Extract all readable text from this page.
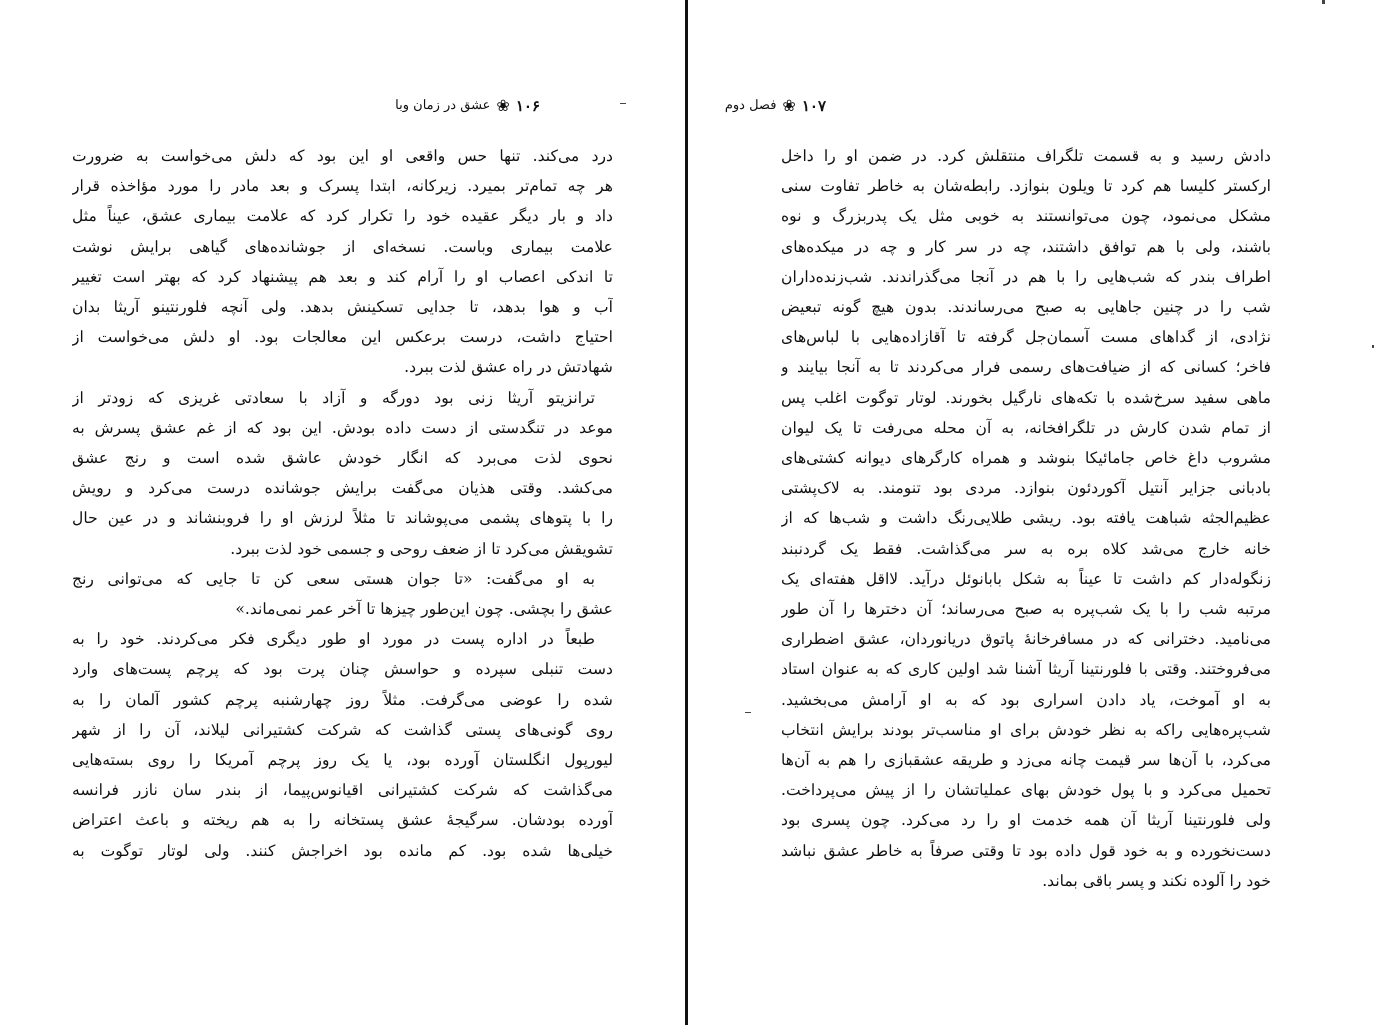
۱۰۶
❀
عشق در زمان وبا
درد می‌کند. تنها حس واقعی او این بود که دلش می‌خواست به ضرورت
هر چه تمام‌تر بمیرد. زیرکانه، ابتدا پسرک و بعد مادر را مورد مؤاخذه قرار
داد و بار دیگر عقیده خود را تکرار کرد که علامت بیماری عشق، عیناً مثل
علامت بیماری وباست. نسخه‌ای از جوشانده‌های گیاهی برایش نوشت
تا اندکی اعصاب او را آرام کند و بعد هم پیشنهاد کرد که بهتر است تغییر
آب و هوا بدهد، تا جدایی تسکینش بدهد. ولی آنچه فلورنتینو آریثا بدان
احتیاج داشت، درست برعکس این معالجات بود. او دلش می‌خواست از
شهادتش در راه عشق لذت ببرد.
ترانزیتو آریثا زنی بود دورگه و آزاد با سعادتی غریزی که زودتر از
موعد در تنگدستی از دست داده بودش. این بود که از غم عشق پسرش به
نحوی لذت می‌برد که انگار خودش عاشق شده است و رنج عشق
می‌کشد. وقتی هذیان می‌گفت برایش جوشانده درست می‌کرد و رویش
را با پتوهای پشمی می‌پوشاند تا مثلاً لرزش او را فروبنشاند و در عین حال
تشویقش می‌کرد تا از ضعف روحی و جسمی خود لذت ببرد.
به او می‌گفت: «تا جوان هستی سعی کن تا جایی که می‌توانی رنج
عشق را بچشی. چون این‌طور چیزها تا آخر عمر نمی‌ماند.»
طبعاً در اداره پست در مورد او طور دیگری فکر می‌کردند. خود را به
دست تنبلی سپرده و حواسش چنان پرت بود که پرچم پست‌های وارد
شده را عوضی می‌گرفت. مثلاً روز چهارشنبه پرچم کشور آلمان را به
روی گونی‌های پستی گذاشت که شرکت کشتیرانی لیلاند، آن را از شهر
لیورپول انگلستان آورده بود، یا یک روز پرچم آمریکا را روی بسته‌هایی
می‌گذاشت که شرکت کشتیرانی اقیانوس‌پیما، از بندر سان نازر فرانسه
آورده بودشان. سرگیجهٔ عشق پستخانه را به هم ریخته و باعث اعتراض
خیلی‌ها شده بود. کم مانده بود اخراجش کنند. ولی لوتار توگوت به
۱۰۷
❀
فصل دوم
دادش رسید و به قسمت تلگراف منتقلش کرد. در ضمن او را داخل
ارکستر کلیسا هم کرد تا ویلون بنوازد. رابطه‌شان به خاطر تفاوت سنی
مشکل می‌نمود، چون می‌توانستند به خوبی مثل یک پدربزرگ و نوه
باشند، ولی با هم توافق داشتند، چه در سر کار و چه در میکده‌های
اطراف بندر که شب‌هایی را با هم در آنجا می‌گذراندند. شب‌زنده‌داران
شب را در چنین جاهایی به صبح می‌رساندند. بدون هیچ گونه تبعیض
نژادی، از گداهای مست آسمان‌جل گرفته تا آقازاده‌هایی با لباس‌های
فاخر؛ کسانی که از ضیافت‌های رسمی فرار می‌کردند تا به آنجا بیایند و
ماهی سفید سرخ‌شده با تکه‌های نارگیل بخورند. لوتار توگوت اغلب پس
از تمام شدن کارش در تلگرافخانه، به آن محله می‌رفت تا یک لیوان
مشروب داغ خاص جامائیکا بنوشد و همراه کارگرهای دیوانه کشتی‌های
بادبانی جزایر آنتیل آکوردئون بنوازد. مردی بود تنومند. به لاک‌پشتی
عظیم‌الجثه شباهت یافته بود. ریشی طلایی‌رنگ داشت و شب‌ها که از
خانه خارج می‌شد کلاه بره به سر می‌گذاشت. فقط یک گردنبند
زنگوله‌دار کم داشت تا عیناً به شکل بابانوئل درآید. لااقل هفته‌ای یک
مرتبه شب را با یک شب‌پره به صبح می‌رساند؛ آن دخترها را آن طور
می‌نامید. دخترانی که در مسافرخانهٔ پاتوق دریانوردان، عشق اضطراری
می‌فروختند. وقتی با فلورنتینا آریثا آشنا شد اولین کاری که به عنوان استاد
به او آموخت، یاد دادن اسراری بود که به او آرامش می‌بخشید.
شب‌پره‌هایی راکه به نظر خودش برای او مناسب‌تر بودند برایش انتخاب
می‌کرد، با آن‌ها سر قیمت چانه می‌زد و طریقه عشقبازی را هم به آن‌ها
تحمیل می‌کرد و با پول خودش بهای عملیاتشان را از پیش می‌پرداخت.
ولی فلورنتینا آریثا آن همه خدمت او را رد می‌کرد. چون پسری بود
دست‌نخورده و به خود قول داده بود تا وقتی صرفاً به خاطر عشق نباشد
خود را آلوده نکند و پسر باقی بماند.
